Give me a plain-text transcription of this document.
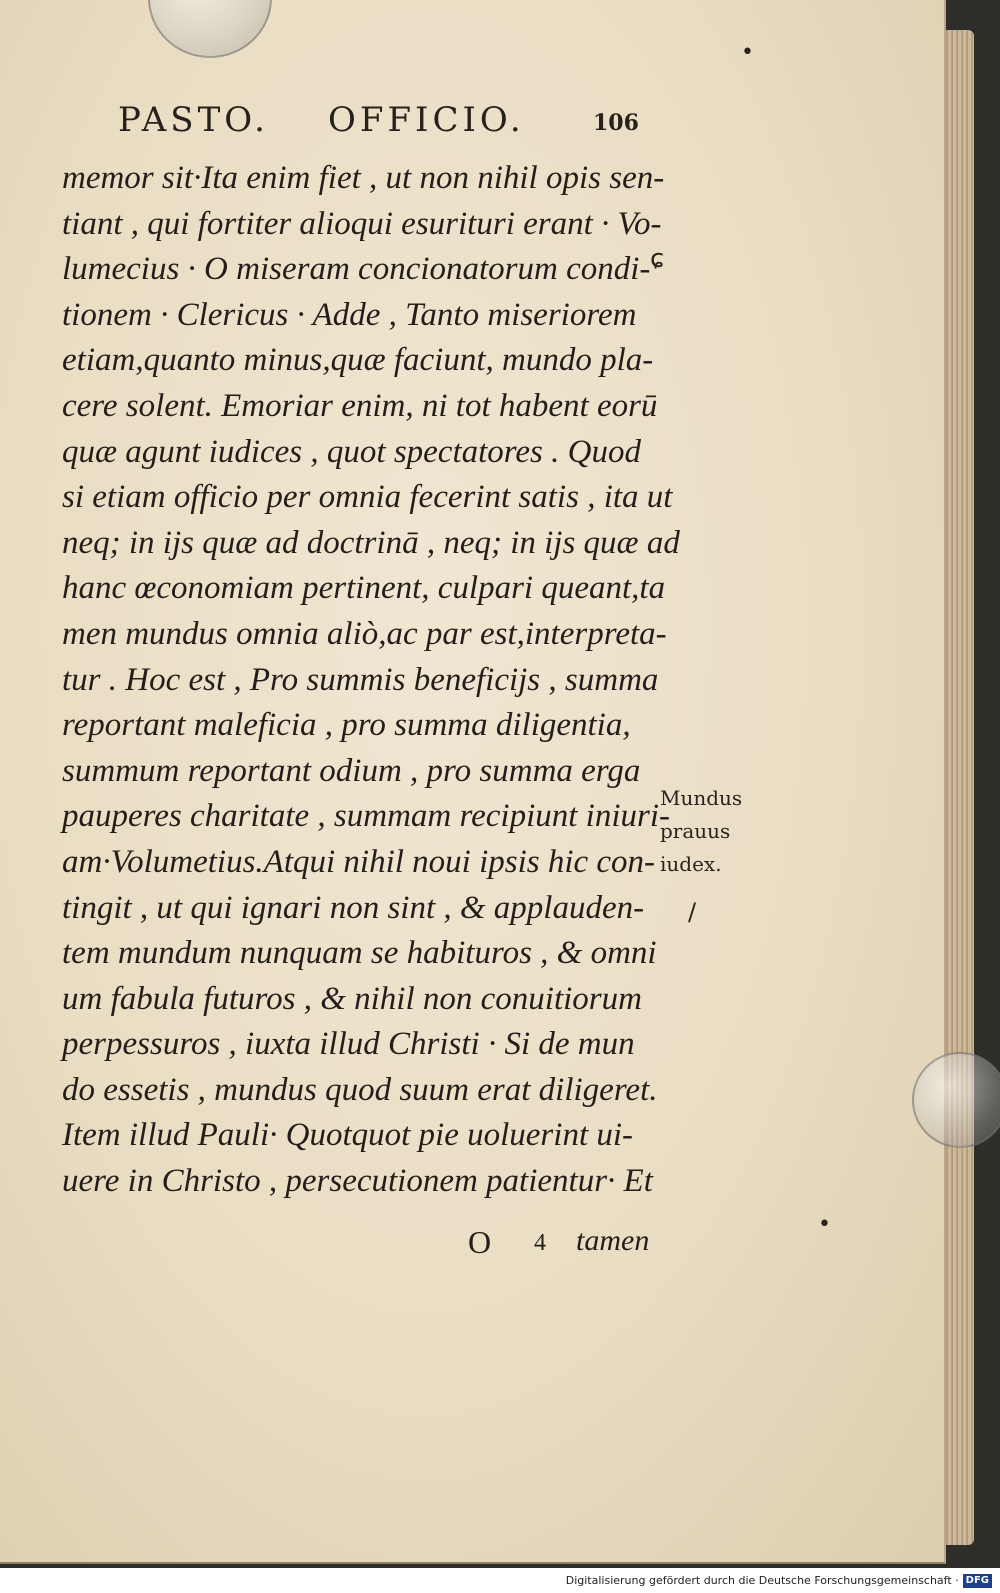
PASTO. OFFICIO.	106
memor sit·Ita enim fiet , ut non nihil opis sen-
tiant , qui fortiter alioqui esurituri erant · Vo-
lumecius · O miseram concionatorum condi-
tionem · Clericus · Adde , Tanto miseriorem
etiam,quanto minus,quæ faciunt, mundo pla-
cere solent. Emoriar enim, ni tot habent eorū
quæ agunt iudices , quot spectatores . Quod
si etiam officio per omnia fecerint satis , ita ut
neq; in ijs quæ ad doctrinā , neq; in ijs quæ ad
hanc œconomiam pertinent, culpari queant,ta
men mundus omnia aliò,ac par est,interpreta-
tur . Hoc est , Pro summis beneficijs , summa
reportant maleficia , pro summa diligentia,
summum reportant odium , pro summa erga
pauperes charitate , summam recipiunt iniuri-
am·Volumetius.Atqui nihil noui ipsis hic con-
tingit , ut qui ignari non sint , & applauden-
tem mundum nunquam se habituros , & omni
um fabula futuros , & nihil non conuitiorum
perpessuros , iuxta illud Christi · Si de mun
do essetis , mundus quod suum erat diligeret.
Item illud Pauli· Quotquot pie uoluerint ui-
uere in Christo , persecutionem patientur· Et
O 4 tamen
Mundus
prauus
iudex.
•
ɕ
/
•
Digitalisierung gefördert durch die Deutsche Forschungsgemeinschaft · DFG
